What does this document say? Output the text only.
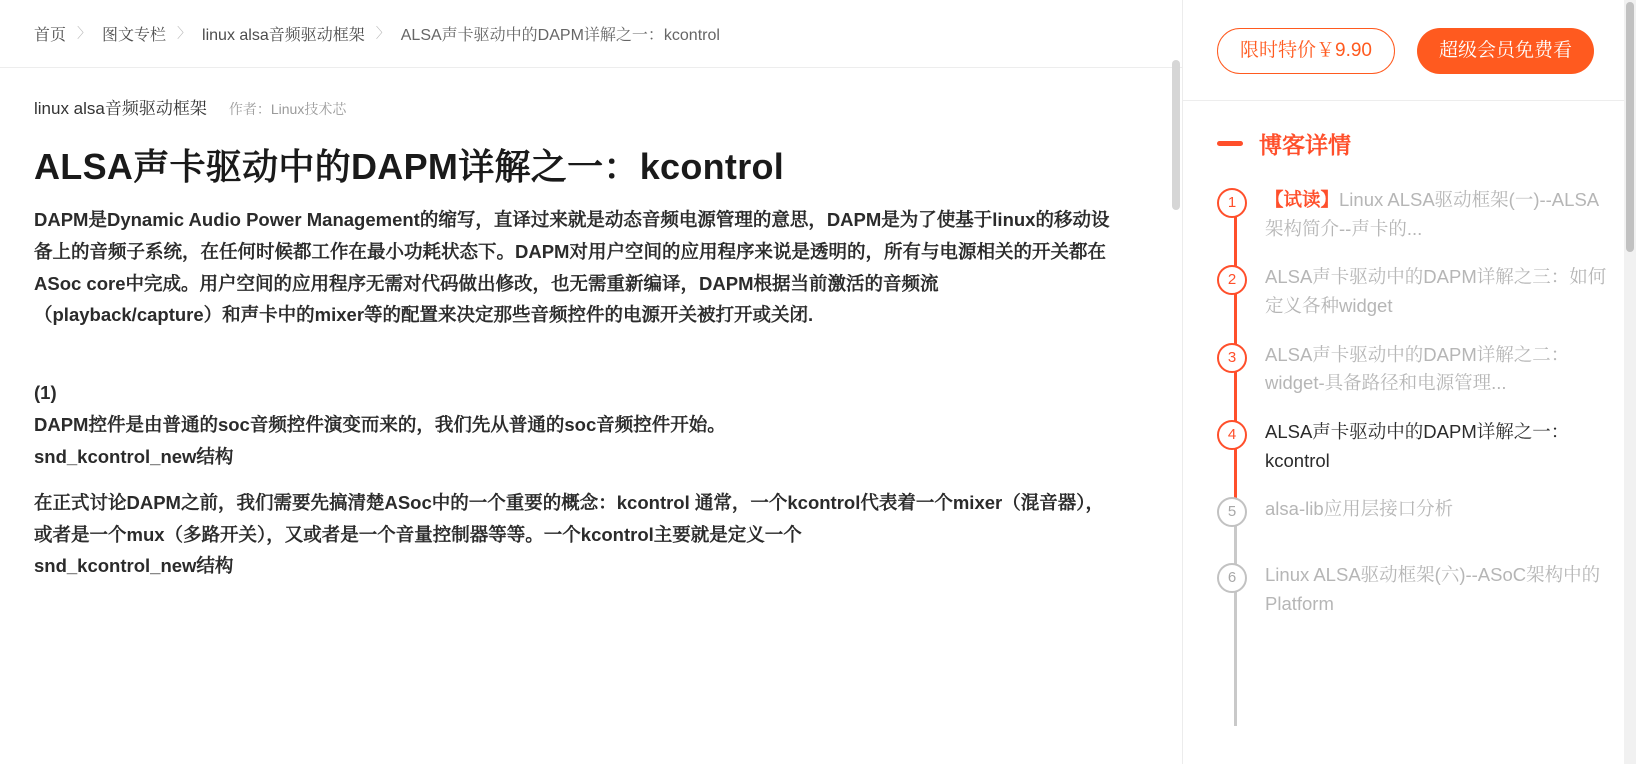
首页 〉 图文专栏 〉 linux alsa音频驱动框架 〉 ALSA声卡驱动中的DAPM详解之一：kcontrol
linux alsa音频驱动框架 作者：Linux技术芯
ALSA声卡驱动中的DAPM详解之一：kcontrol

DAPM是Dynamic Audio Power Management的缩写，直译过来就是动态音频电源管理的意思，DAPM是为了使基于linux的移动设备上的音频子系统，在任何时候都工作在最小功耗状态下。DAPM对用户空间的应用程序来说是透明的，所有与电源相关的开关都在ASoc core中完成。用户空间的应用程序无需对代码做出修改，也无需重新编译，DAPM根据当前激活的音频流（playback/capture）和声卡中的mixer等的配置来决定那些音频控件的电源开关被打开或关闭.

(1)

DAPM控件是由普通的soc音频控件演变而来的，我们先从普通的soc音频控件开始。

snd_kcontrol_new结构

在正式讨论DAPM之前，我们需要先搞清楚ASoc中的一个重要的概念：kcontrol 通常，一个kcontrol代表着一个mixer（混音器），或者是一个mux（多路开关），又或者是一个音量控制器等等。一个kcontrol主要就是定义一个

snd_kcontrol_new结构

限时特价￥9.90	超级会员免费看
博客详情
1	【试读】Linux ALSA驱动框架(一)--ALSA架构简介--声卡的...
2	ALSA声卡驱动中的DAPM详解之三：如何定义各种widget
3	ALSA声卡驱动中的DAPM详解之二：widget-具备路径和电源管理...
4	ALSA声卡驱动中的DAPM详解之一：kcontrol
5	alsa-lib应用层接口分析
6	Linux ALSA驱动框架(六)--ASoC架构中的Platform
